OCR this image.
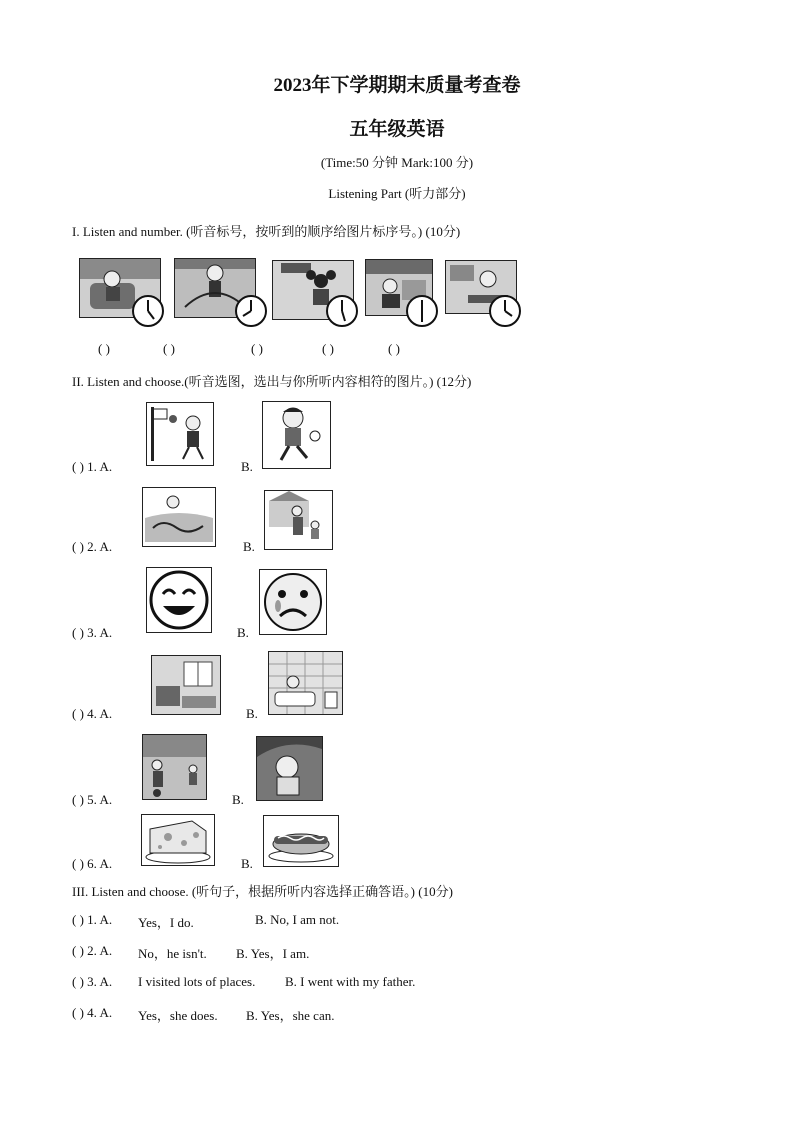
2023年下学期期末质量考查卷
五年级英语
(Time:50 分钟 Mark:100 分)
Listening Part (听力部分)
I. Listen and number. (听音标号，按听到的顺序给图片标序号。) (10分)
( )	( )	( )	( )	( )
II. Listen and choose.(听音选图，选出与你所听内容相符的图片。) (12分)
( ) 1. A.	B.
( ) 2. A.	B.
( ) 3. A.	B.
( ) 4. A.	B.
( ) 5. A.	B.
( ) 6. A.	B.
III. Listen and choose. (听句子，根据所听内容选择正确答语。) (10分)
( ) 1. A. Yes，I do.	B. No, I am not.
( ) 2. A. No，he isn't. B. Yes，I am.
( ) 3. A. I visited lots of places. B. I went with my father.
( ) 4. A. Yes，she does. B. Yes，she can.
